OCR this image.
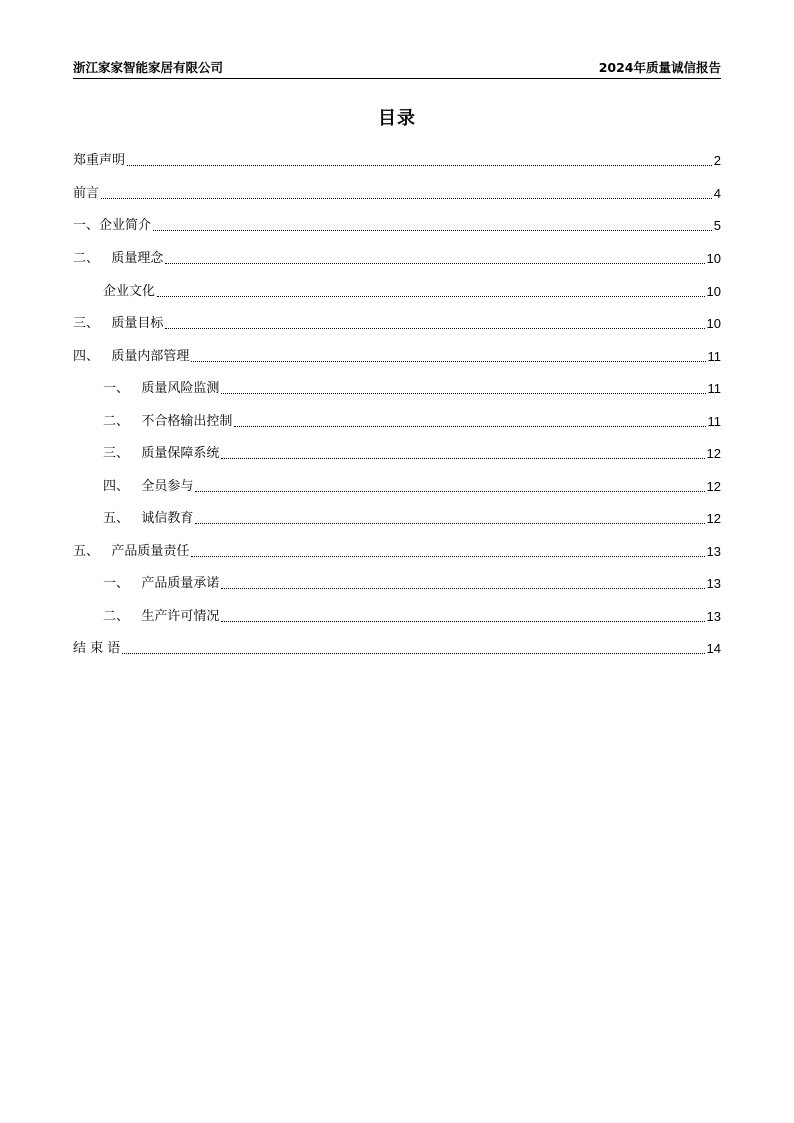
浙江家家智能家居有限公司	2024年质量诚信报告
目录
郑重声明	2
前言	4
一、 企业简介	5
二、 质量理念	10
企业文化	10
三、 质量目标	10
四、 质量内部管理	11
一、 质量风险监测	11
二、 不合格输出控制	11
三、 质量保障系统	12
四、 全员参与	12
五、 诚信教育	12
五、 产品质量责任	13
一、 产品质量承诺	13
二、 生产许可情况	13
结 束 语	14
